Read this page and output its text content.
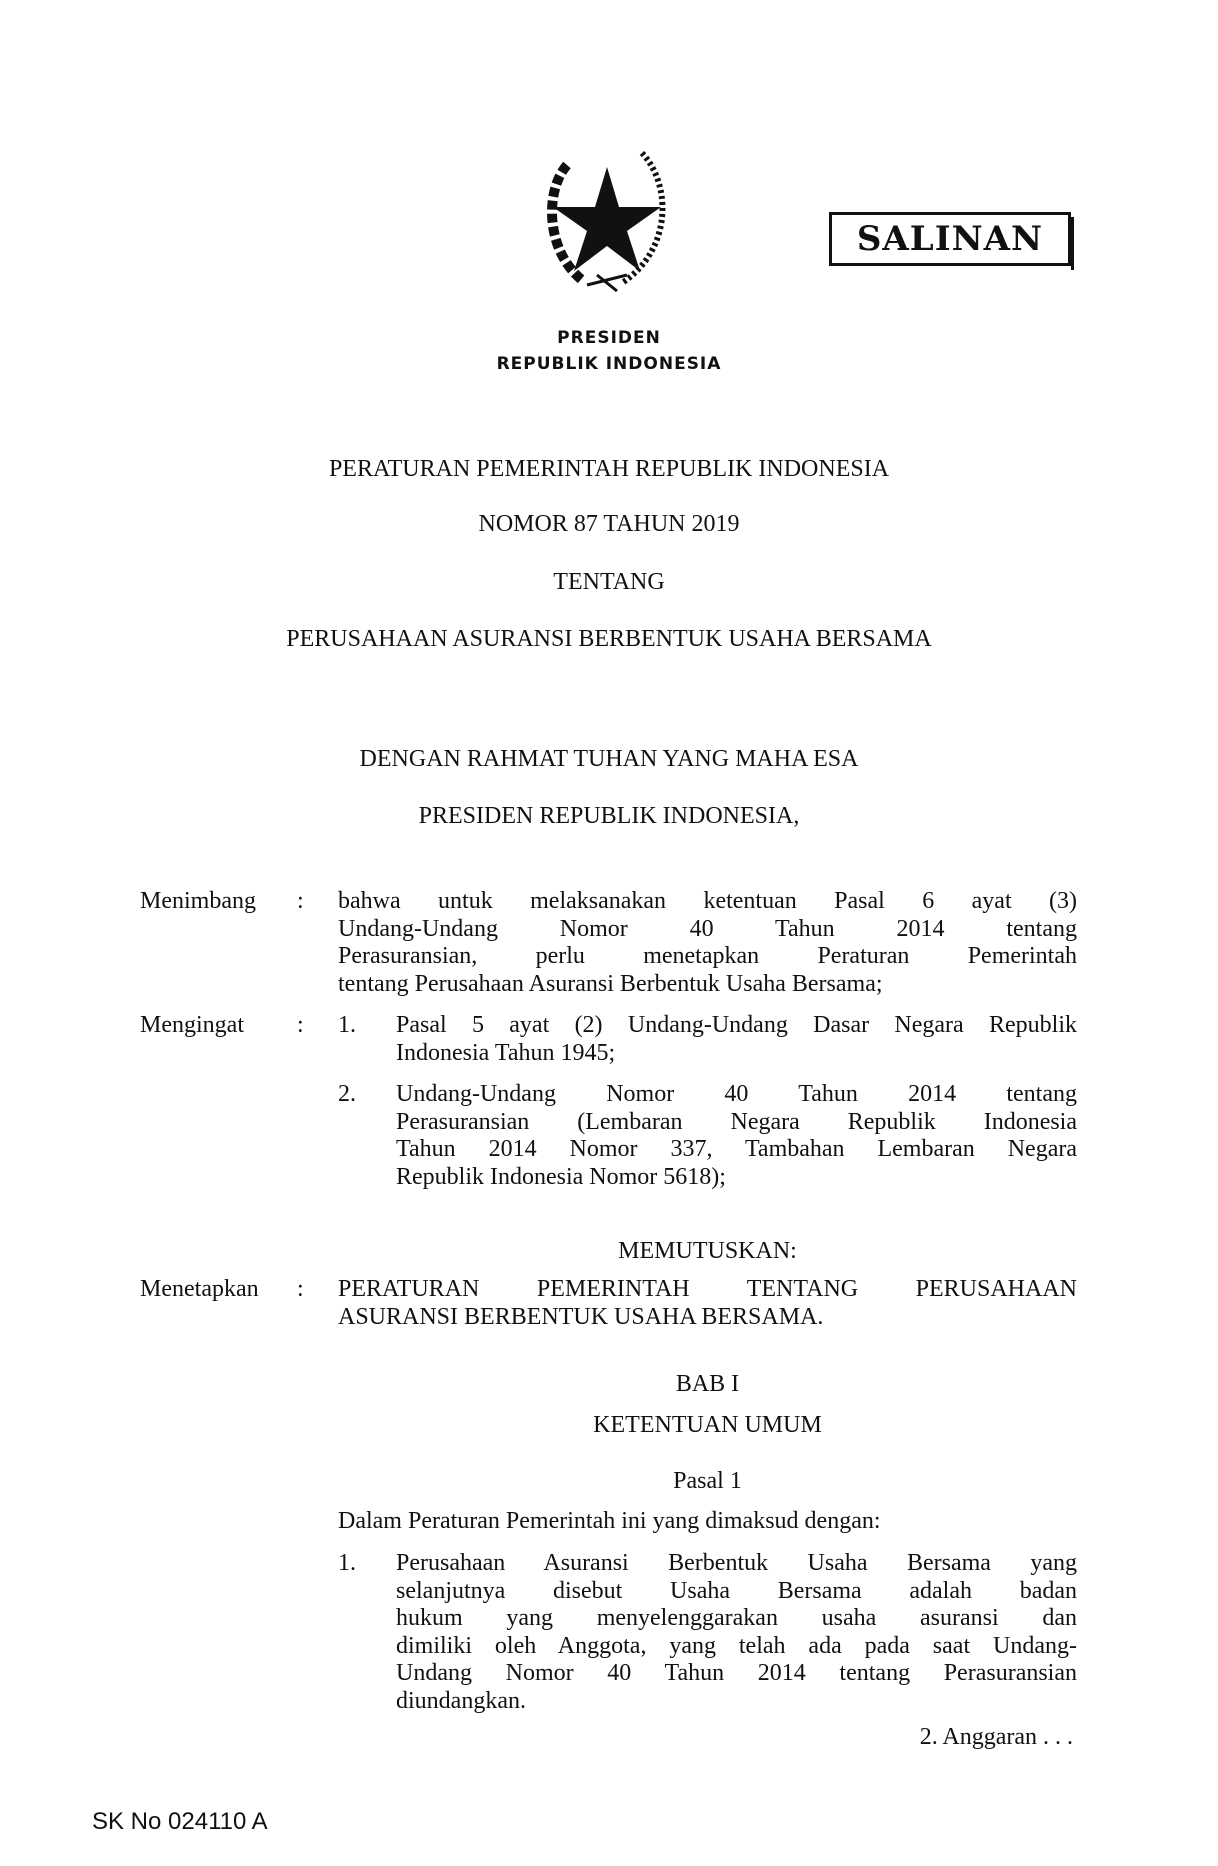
SALINAN
PRESIDEN
REPUBLIK INDONESIA
PERATURAN PEMERINTAH REPUBLIK INDONESIA
NOMOR 87 TAHUN 2019
TENTANG
PERUSAHAAN ASURANSI BERBENTUK USAHA BERSAMA
DENGAN RAHMAT TUHAN YANG MAHA ESA
PRESIDEN REPUBLIK INDONESIA,
Menimbang : bahwa untuk melaksanakan ketentuan Pasal 6 ayat (3)
Undang-Undang Nomor 40 Tahun 2014 tentang
Perasuransian, perlu menetapkan Peraturan Pemerintah
tentang Perusahaan Asuransi Berbentuk Usaha Bersama;
Mengingat : 1. Pasal 5 ayat (2) Undang-Undang Dasar Negara Republik
Indonesia Tahun 1945;
2. Undang-Undang Nomor 40 Tahun 2014 tentang
Perasuransian (Lembaran Negara Republik Indonesia
Tahun 2014 Nomor 337, Tambahan Lembaran Negara
Republik Indonesia Nomor 5618);
MEMUTUSKAN:
Menetapkan : PERATURAN PEMERINTAH TENTANG PERUSAHAAN
ASURANSI BERBENTUK USAHA BERSAMA.
BAB I
KETENTUAN UMUM
Pasal 1
Dalam Peraturan Pemerintah ini yang dimaksud dengan:
1. Perusahaan Asuransi Berbentuk Usaha Bersama yang
selanjutnya disebut Usaha Bersama adalah badan
hukum yang menyelenggarakan usaha asuransi dan
dimiliki oleh Anggota, yang telah ada pada saat Undang-
Undang Nomor 40 Tahun 2014 tentang Perasuransian
diundangkan.
2. Anggaran . . .
SK No 024110 A
